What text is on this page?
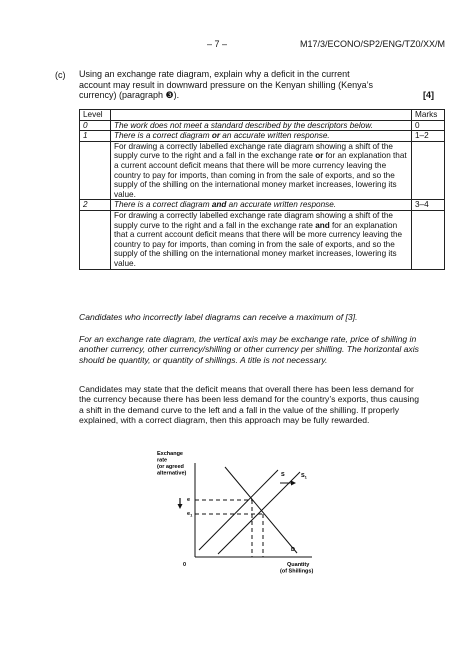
– 7 –	M17/3/ECONO/SP2/ENG/TZ0/XX/M
(c) Using an exchange rate diagram, explain why a deficit in the current account may result in downward pressure on the Kenyan shilling (Kenya’s currency) (paragraph ❸).	[4]
Level		Marks
0	The work does not meet a standard described by the descriptors below.	0
1	There is a correct diagram or an accurate written response.	1–2
	For drawing a correctly labelled exchange rate diagram showing a shift of the supply curve to the right and a fall in the exchange rate or for an explanation that a current account deficit means that there will be more currency leaving the country to pay for imports, than coming in from the sale of exports, and so the supply of the shilling on the international money market increases, lowering its value.	
2	There is a correct diagram and an accurate written response.	3–4
	For drawing a correctly labelled exchange rate diagram showing a shift of the supply curve to the right and a fall in the exchange rate and for an explanation that a current account deficit means that there will be more currency leaving the country to pay for imports, than coming in from the sale of exports, and so the supply of the shilling on the international money market increases, lowering its value.	
Candidates who incorrectly label diagrams can receive a maximum of [3].
For an exchange rate diagram, the vertical axis may be exchange rate, price of shilling in another currency, other currency/shilling or other currency per shilling. The horizontal axis should be quantity, or quantity of shillings. A title is not necessary.
Candidates may state that the deficit means that overall there has been less demand for the currency because there has been less demand for the country’s exports, thus causing a shift in the demand curve to the left and a fall in the value of the shilling. If properly explained, with a correct diagram, then this approach may be fully rewarded.
Exchange
rate
(or agreed
alternative)
e
$e_1$
S	$S_1$
D
0	Quantity
(of Shillings)
